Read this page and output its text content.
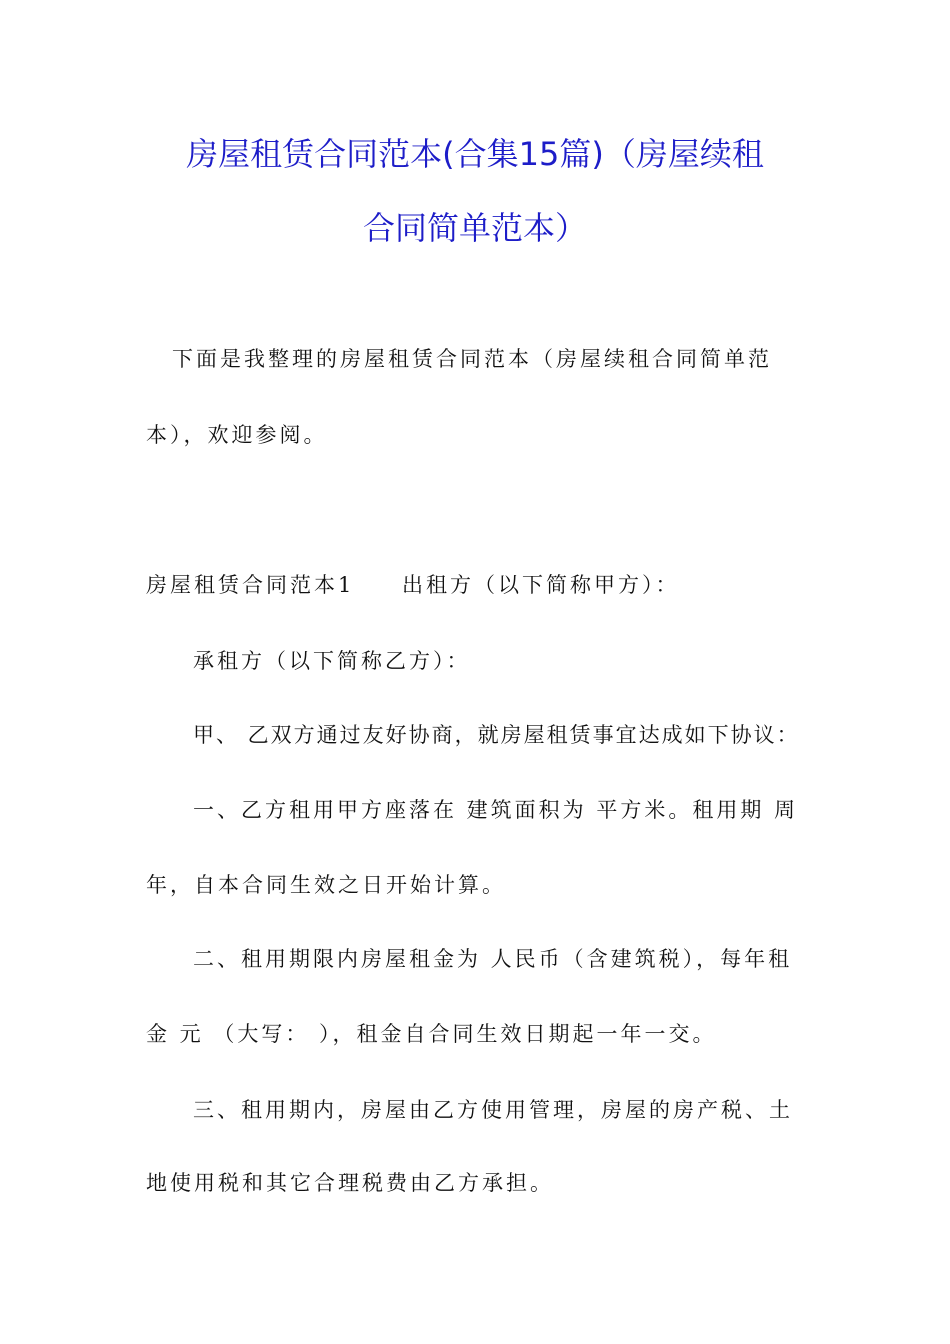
房屋租赁合同范本(合集15篇)（房屋续租
合同简单范本）
下面是我整理的房屋租赁合同范本（房屋续租合同简单范
本），欢迎参阅。
房屋租赁合同范本1 出租方（以下简称甲方）：
承租方（以下简称乙方）：
甲、 乙双方通过友好协商，就房屋租赁事宜达成如下协议：
一、乙方租用甲方座落在 建筑面积为 平方米。租用期 周
年，自本合同生效之日开始计算。
二、租用期限内房屋租金为 人民币（含建筑税），每年租
金 元 （大写： ），租金自合同生效日期起一年一交。
三、租用期内，房屋由乙方使用管理，房屋的房产税、土
地使用税和其它合理税费由乙方承担。
